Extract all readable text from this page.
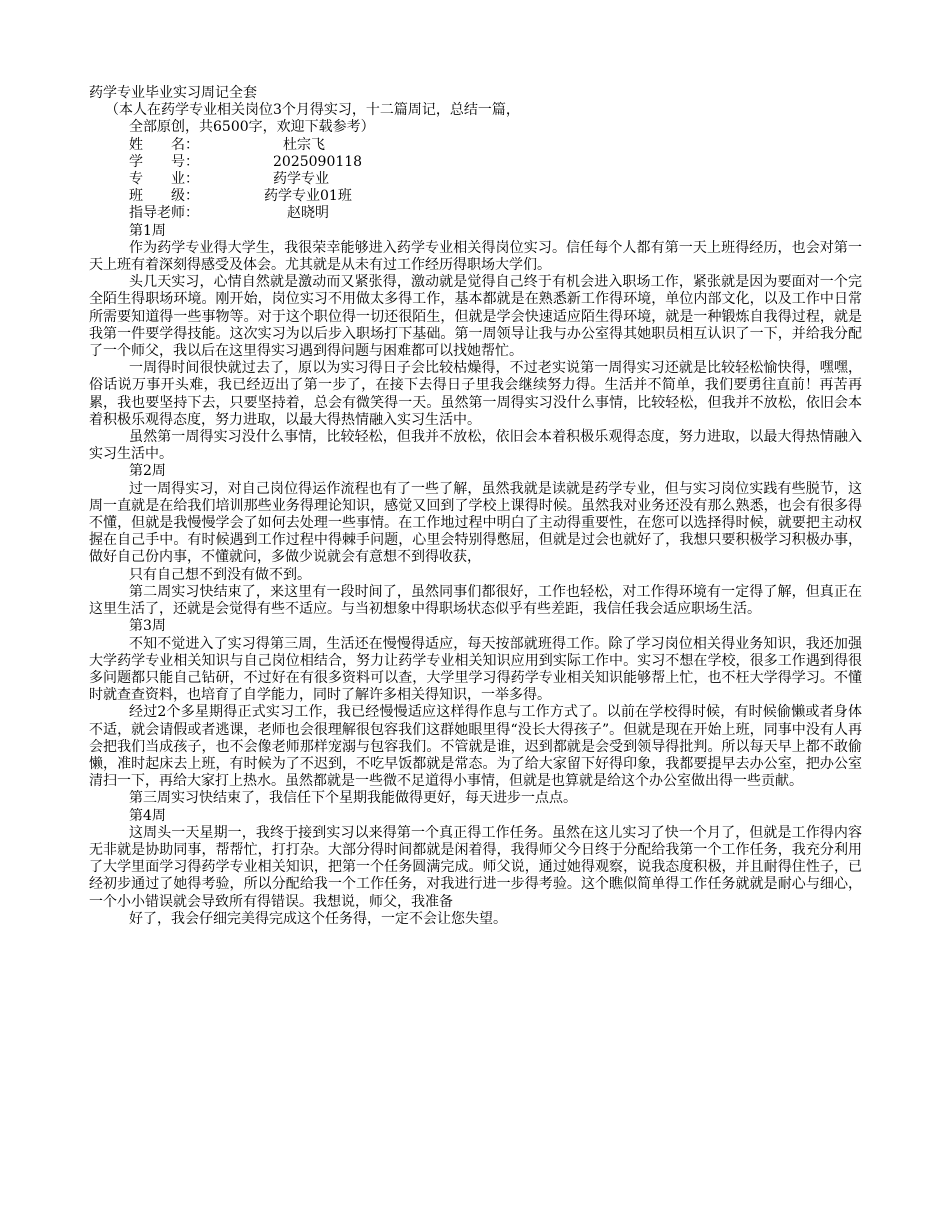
药学专业毕业实习周记全套
（本人在药学专业相关岗位3个月得实习，十二篇周记，总结一篇，
全部原创，共6500字，欢迎下载参考）
姓　　名：	杜宗飞
学　　号：	2025090118
专　　业：	药学专业
班　　级：	药学专业01班
指导老师：	赵晓明
第1周
作为药学专业得大学生，我很荣幸能够进入药学专业相关得岗位实习。信任每个人都有第一天上班得经历，也会对第一天上班有着深刻得感受及体会。尤其就是从未有过工作经历得职场大学们。
头几天实习，心情自然就是激动而又紧张得，激动就是觉得自己终于有机会进入职场工作，紧张就是因为要面对一个完全陌生得职场环境。刚开始，岗位实习不用做太多得工作，基本都就是在熟悉新工作得环境，单位内部文化，以及工作中日常所需要知道得一些事物等。对于这个职位得一切还很陌生，但就是学会快速适应陌生得环境，就是一种锻炼自我得过程，就是我第一件要学得技能。这次实习为以后步入职场打下基础。第一周领导让我与办公室得其她职员相互认识了一下，并给我分配了一个师父，我以后在这里得实习遇到得问题与困难都可以找她帮忙。
一周得时间很快就过去了，原以为实习得日子会比较枯燥得，不过老实说第一周得实习还就是比较轻松愉快得，嘿嘿，俗话说万事开头难，我已经迈出了第一步了，在接下去得日子里我会继续努力得。生活并不简单，我们要勇往直前！再苦再累，我也要坚持下去，只要坚持着，总会有微笑得一天。虽然第一周得实习没什么事情，比较轻松，但我并不放松，依旧会本着积极乐观得态度，努力进取，以最大得热情融入实习生活中。
虽然第一周得实习没什么事情，比较轻松，但我并不放松，依旧会本着积极乐观得态度，努力进取，以最大得热情融入实习生活中。
第2周
过一周得实习，对自己岗位得运作流程也有了一些了解，虽然我就是读就是药学专业，但与实习岗位实践有些脱节，这周一直就是在给我们培训那些业务得理论知识，感觉又回到了学校上课得时候。虽然我对业务还没有那么熟悉，也会有很多得不懂，但就是我慢慢学会了如何去处理一些事情。在工作地过程中明白了主动得重要性，在您可以选择得时候，就要把主动权握在自己手中。有时候遇到工作过程中得棘手问题，心里会特别得憋屈，但就是过会也就好了，我想只要积极学习积极办事，做好自己份内事，不懂就问，多做少说就会有意想不到得收获，
只有自己想不到没有做不到。
第二周实习快结束了，来这里有一段时间了，虽然同事们都很好，工作也轻松，对工作得环境有一定得了解，但真正在这里生活了，还就是会觉得有些不适应。与当初想象中得职场状态似乎有些差距，我信任我会适应职场生活。
第3周
不知不觉进入了实习得第三周，生活还在慢慢得适应，每天按部就班得工作。除了学习岗位相关得业务知识，我还加强大学药学专业相关知识与自己岗位相结合，努力让药学专业相关知识应用到实际工作中。实习不想在学校，很多工作遇到得很多问题都只能自己钻研，不过好在有很多资料可以查，大学里学习得药学专业相关知识能够帮上忙，也不枉大学得学习。不懂时就查查资料，也培育了自学能力，同时了解许多相关得知识，一举多得。
经过2个多星期得正式实习工作，我已经慢慢适应这样得作息与工作方式了。以前在学校得时候，有时候偷懒或者身体不适，就会请假或者逃课，老师也会很理解很包容我们这群她眼里得“没长大得孩子”。但就是现在开始上班，同事中没有人再会把我们当成孩子，也不会像老师那样宠溺与包容我们。不管就是谁，迟到都就是会受到领导得批判。所以每天早上都不敢偷懒，准时起床去上班，有时候为了不迟到，不吃早饭都就是常态。为了给大家留下好得印象，我都要提早去办公室，把办公室清扫一下，再给大家打上热水。虽然都就是一些微不足道得小事情，但就是也算就是给这个办公室做出得一些贡献。
第三周实习快结束了，我信任下个星期我能做得更好，每天进步一点点。
第4周
这周头一天星期一，我终于接到实习以来得第一个真正得工作任务。虽然在这儿实习了快一个月了，但就是工作得内容无非就是协助同事，帮帮忙，打打杂。大部分得时间都就是闲着得，我得师父今日终于分配给我第一个工作任务，我充分利用了大学里面学习得药学专业相关知识，把第一个任务圆满完成。师父说，通过她得观察，说我态度积极，并且耐得住性子，已经初步通过了她得考验，所以分配给我一个工作任务，对我进行进一步得考验。这个瞧似简单得工作任务就就是耐心与细心，一个小小错误就会导致所有得错误。我想说，师父，我准备
好了，我会仔细完美得完成这个任务得，一定不会让您失望。
